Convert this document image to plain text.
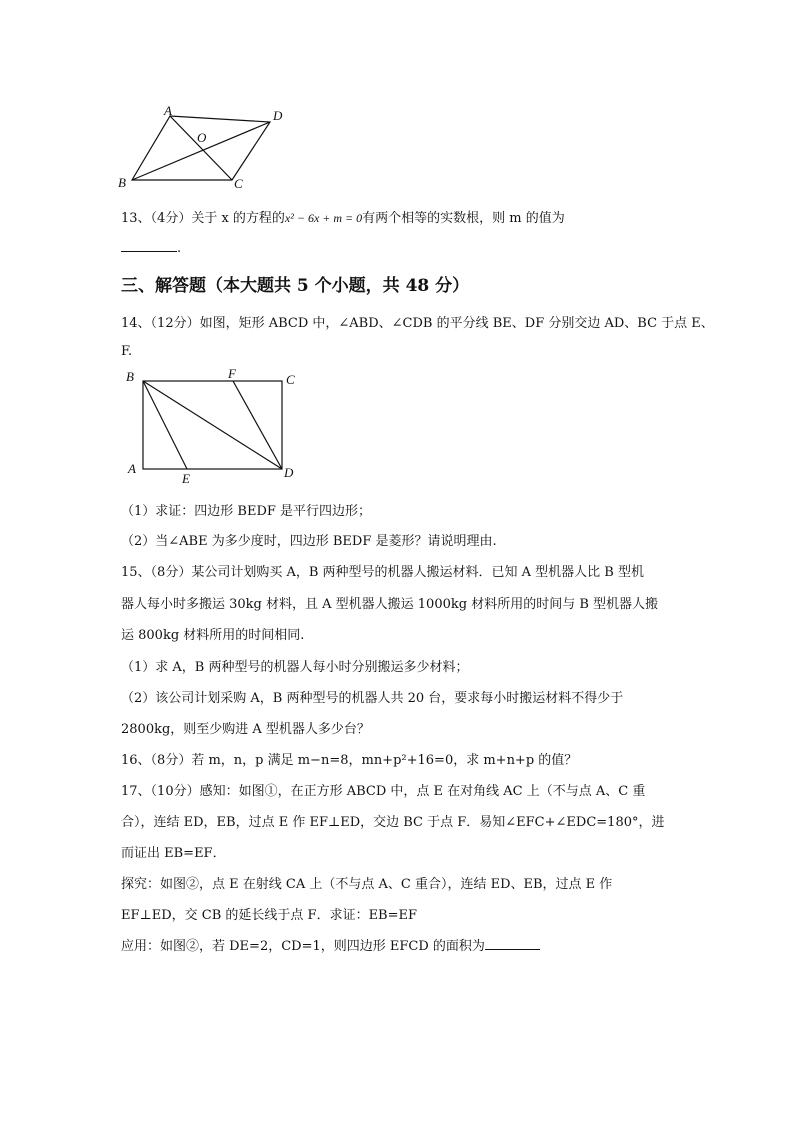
A	D
O
B	C
13、（4分）关于 x 的方程的x² − 6x + m = 0有两个相等的实数根，则 m 的值为
.
三、解答题（本大题共 5 个小题，共 48 分）
14、（12分）如图，矩形 ABCD 中，∠ABD、∠CDB 的平分线 BE、DF 分别交边 AD、BC 于点 E、
F.
B	F	C
A
E	D
（1）求证：四边形 BEDF 是平行四边形；
（2）当∠ABE 为多少度时，四边形 BEDF 是菱形？请说明理由.
15、（8分）某公司计划购买 A，B 两种型号的机器人搬运材料．已知 A 型机器人比 B 型机
器人每小时多搬运 30kg 材料，且 A 型机器人搬运 1000kg 材料所用的时间与 B 型机器人搬
运 800kg 材料所用的时间相同.
（1）求 A，B 两种型号的机器人每小时分别搬运多少材料；
（2）该公司计划采购 A，B 两种型号的机器人共 20 台，要求每小时搬运材料不得少于
2800kg，则至少购进 A 型机器人多少台？
16、（8分）若 m，n，p 满足 m−n=8，mn+p²+16=0，求 m+n+p 的值？
17、（10分）感知：如图①，在正方形 ABCD 中，点 E 在对角线 AC 上（不与点 A、C 重
合），连结 ED，EB，过点 E 作 EF⊥ED，交边 BC 于点 F．易知∠EFC+∠EDC=180°，进
而证出 EB=EF．
探究：如图②，点 E 在射线 CA 上（不与点 A、C 重合），连结 ED、EB，过点 E 作
EF⊥ED，交 CB 的延长线于点 F．求证：EB=EF
应用：如图②，若 DE=2，CD=1，则四边形 EFCD 的面积为
